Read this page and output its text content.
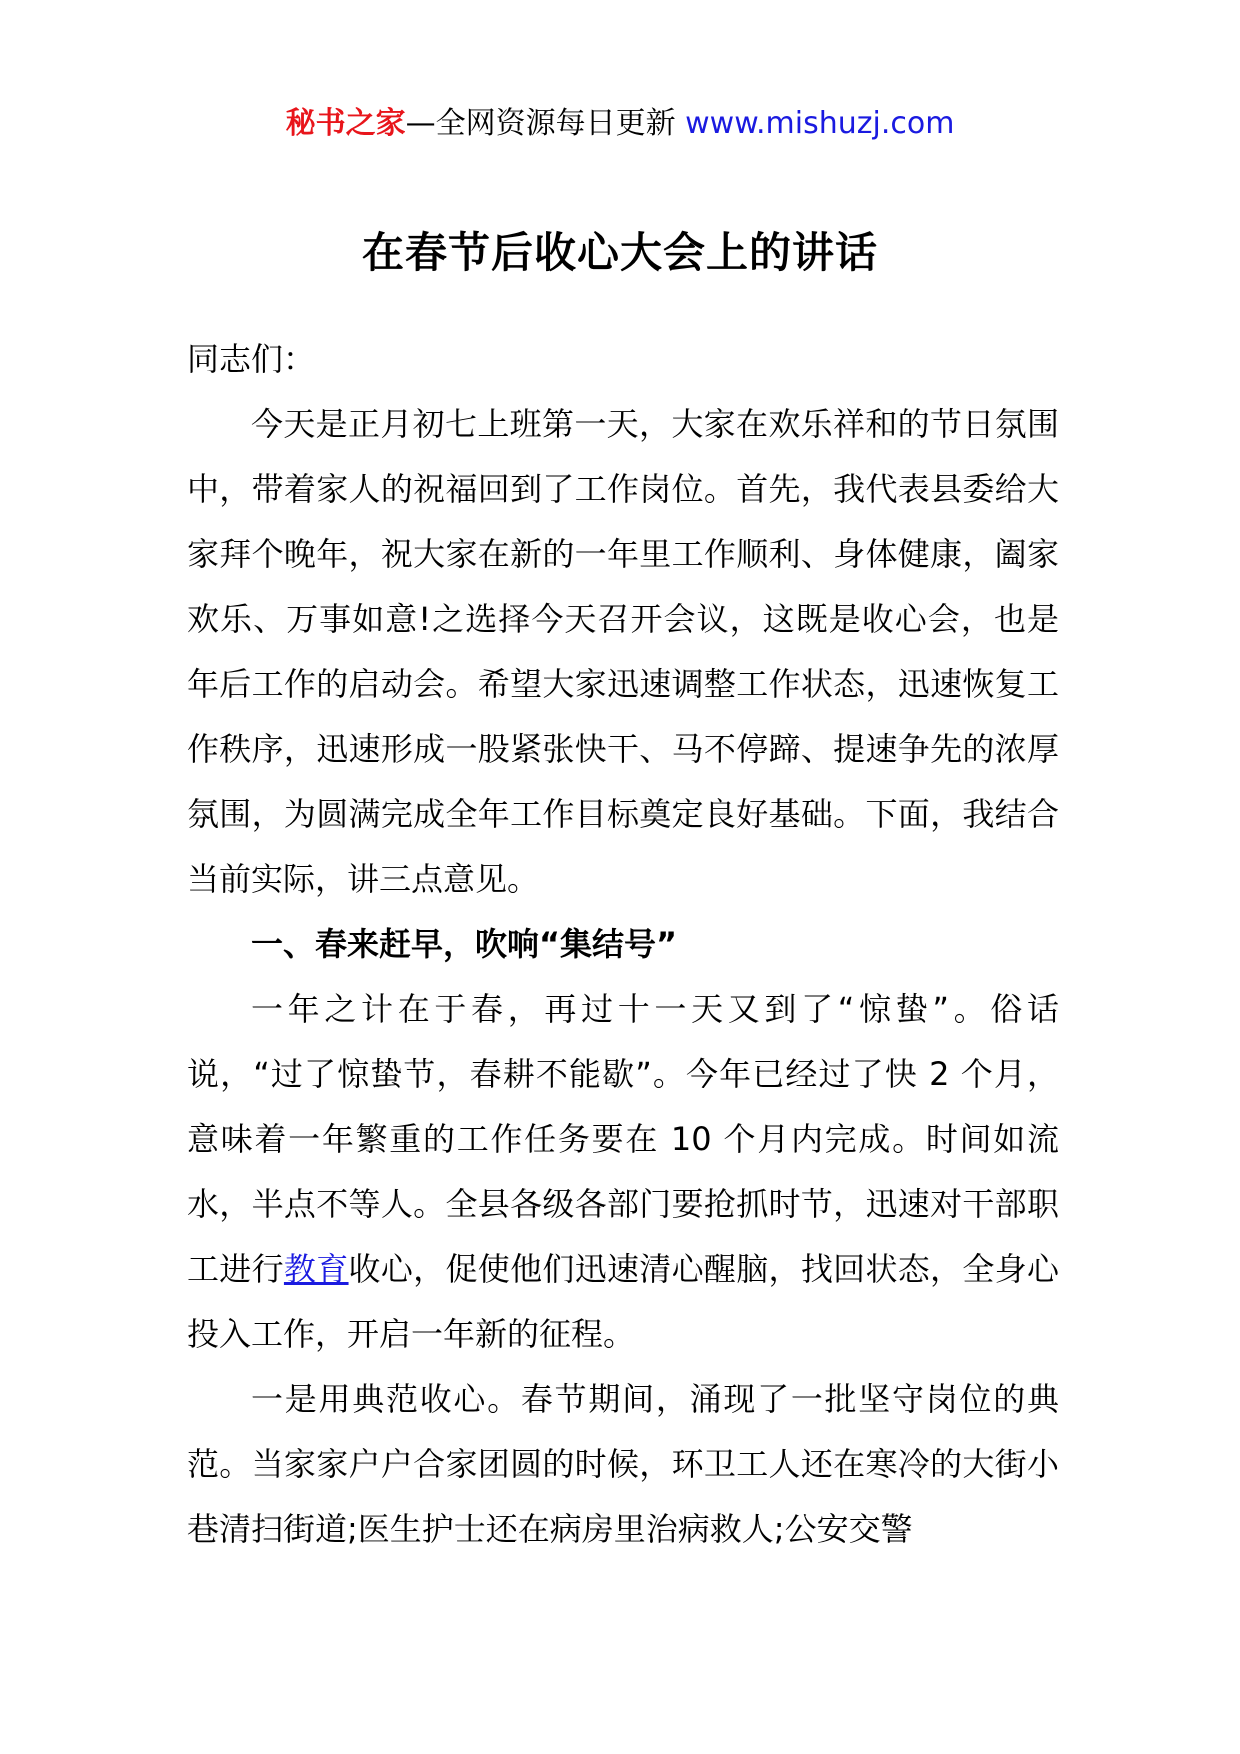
秘书之家—全网资源每日更新 www.mishuzj.com
在春节后收心大会上的讲话

同志们：

今天是正月初七上班第一天，大家在欢乐祥和的节日氛围中，带着家人的祝福回到了工作岗位。首先，我代表县委给大家拜个晚年，祝大家在新的一年里工作顺利、身体健康，阖家欢乐、万事如意!之选择今天召开会议，这既是收心会，也是年后工作的启动会。希望大家迅速调整工作状态，迅速恢复工作秩序，迅速形成一股紧张快干、马不停蹄、提速争先的浓厚氛围，为圆满完成全年工作目标奠定良好基础。下面，我结合当前实际，讲三点意见。

一、春来赶早，吹响“集结号”

一年之计在于春，再过十一天又到了“惊蛰”。俗话说，“过了惊蛰节，春耕不能歇”。今年已经过了快 2 个月，意味着一年繁重的工作任务要在 10 个月内完成。时间如流水，半点不等人。全县各级各部门要抢抓时节，迅速对干部职工进行教育收心，促使他们迅速清心醒脑，找回状态，全身心投入工作，开启一年新的征程。

一是用典范收心。春节期间，涌现了一批坚守岗位的典范。当家家户户合家团圆的时候，环卫工人还在寒冷的大街小巷清扫街道;医生护士还在病房里治病救人;公安交警
